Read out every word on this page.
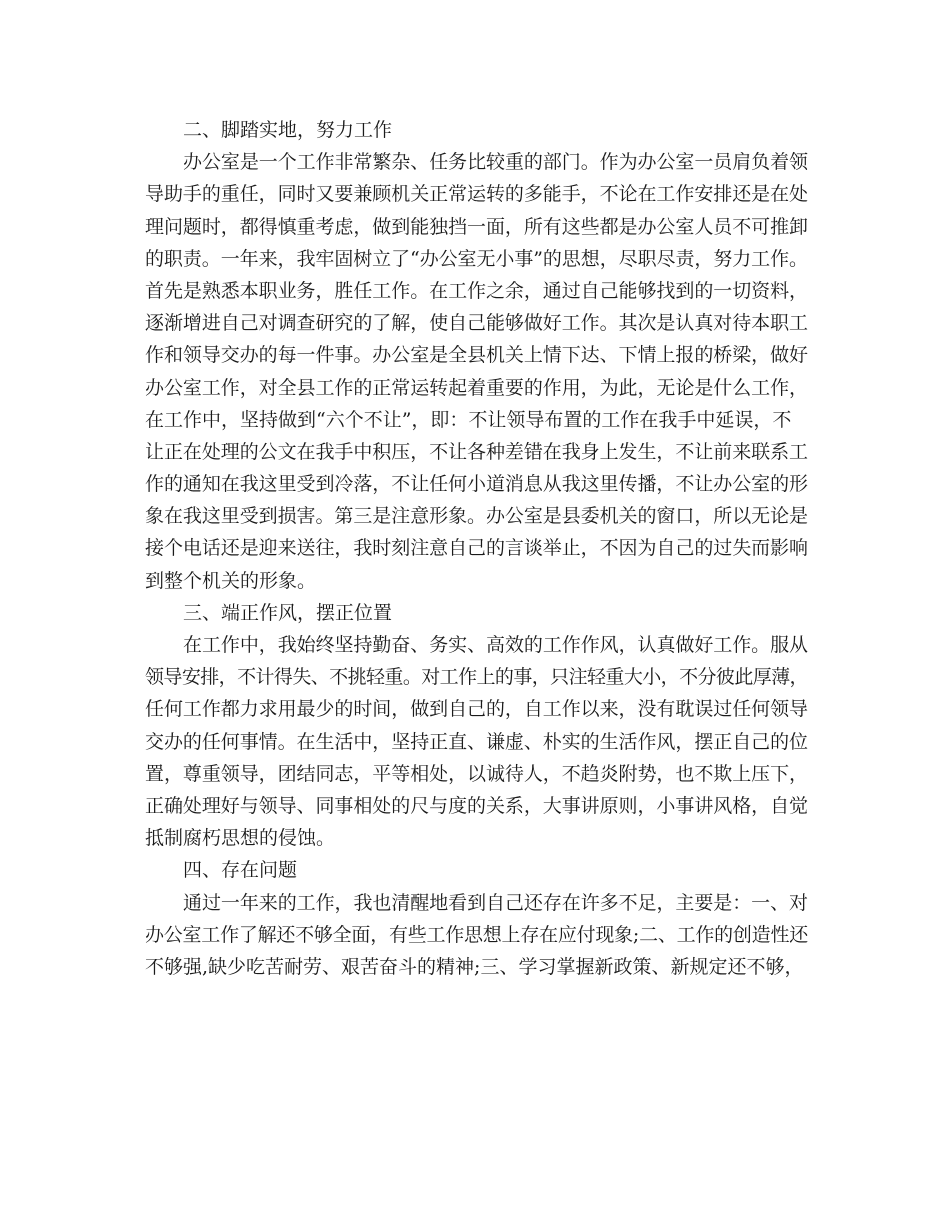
二、脚踏实地，努力工作
办公室是一个工作非常繁杂、任务比较重的部门。作为办公室一员肩负着领
导助手的重任，同时又要兼顾机关正常运转的多能手，不论在工作安排还是在处
理问题时，都得慎重考虑，做到能独挡一面，所有这些都是办公室人员不可推卸
的职责。一年来，我牢固树立了“办公室无小事”的思想，尽职尽责，努力工作。
首先是熟悉本职业务，胜任工作。在工作之余，通过自己能够找到的一切资料，
逐渐增进自己对调查研究的了解，使自己能够做好工作。其次是认真对待本职工
作和领导交办的每一件事。办公室是全县机关上情下达、下情上报的桥梁，做好
办公室工作，对全县工作的正常运转起着重要的作用，为此，无论是什么工作，
在工作中，坚持做到“六个不让”，即：不让领导布置的工作在我手中延误，不
让正在处理的公文在我手中积压，不让各种差错在我身上发生，不让前来联系工
作的通知在我这里受到冷落，不让任何小道消息从我这里传播，不让办公室的形
象在我这里受到损害。第三是注意形象。办公室是县委机关的窗口，所以无论是
接个电话还是迎来送往，我时刻注意自己的言谈举止，不因为自己的过失而影响
到整个机关的形象。
三、端正作风，摆正位置
在工作中，我始终坚持勤奋、务实、高效的工作作风，认真做好工作。服从
领导安排，不计得失、不挑轻重。对工作上的事，只注轻重大小，不分彼此厚薄，
任何工作都力求用最少的时间，做到自己的，自工作以来，没有耽误过任何领导
交办的任何事情。在生活中，坚持正直、谦虚、朴实的生活作风，摆正自己的位
置，尊重领导，团结同志，平等相处，以诚待人，不趋炎附势，也不欺上压下，
正确处理好与领导、同事相处的尺与度的关系，大事讲原则，小事讲风格，自觉
抵制腐朽思想的侵蚀。
四、存在问题
通过一年来的工作，我也清醒地看到自己还存在许多不足，主要是：一、对
办公室工作了解还不够全面，有些工作思想上存在应付现象;二、工作的创造性还
不够强,缺少吃苦耐劳、艰苦奋斗的精神;三、学习掌握新政策、新规定还不够，
